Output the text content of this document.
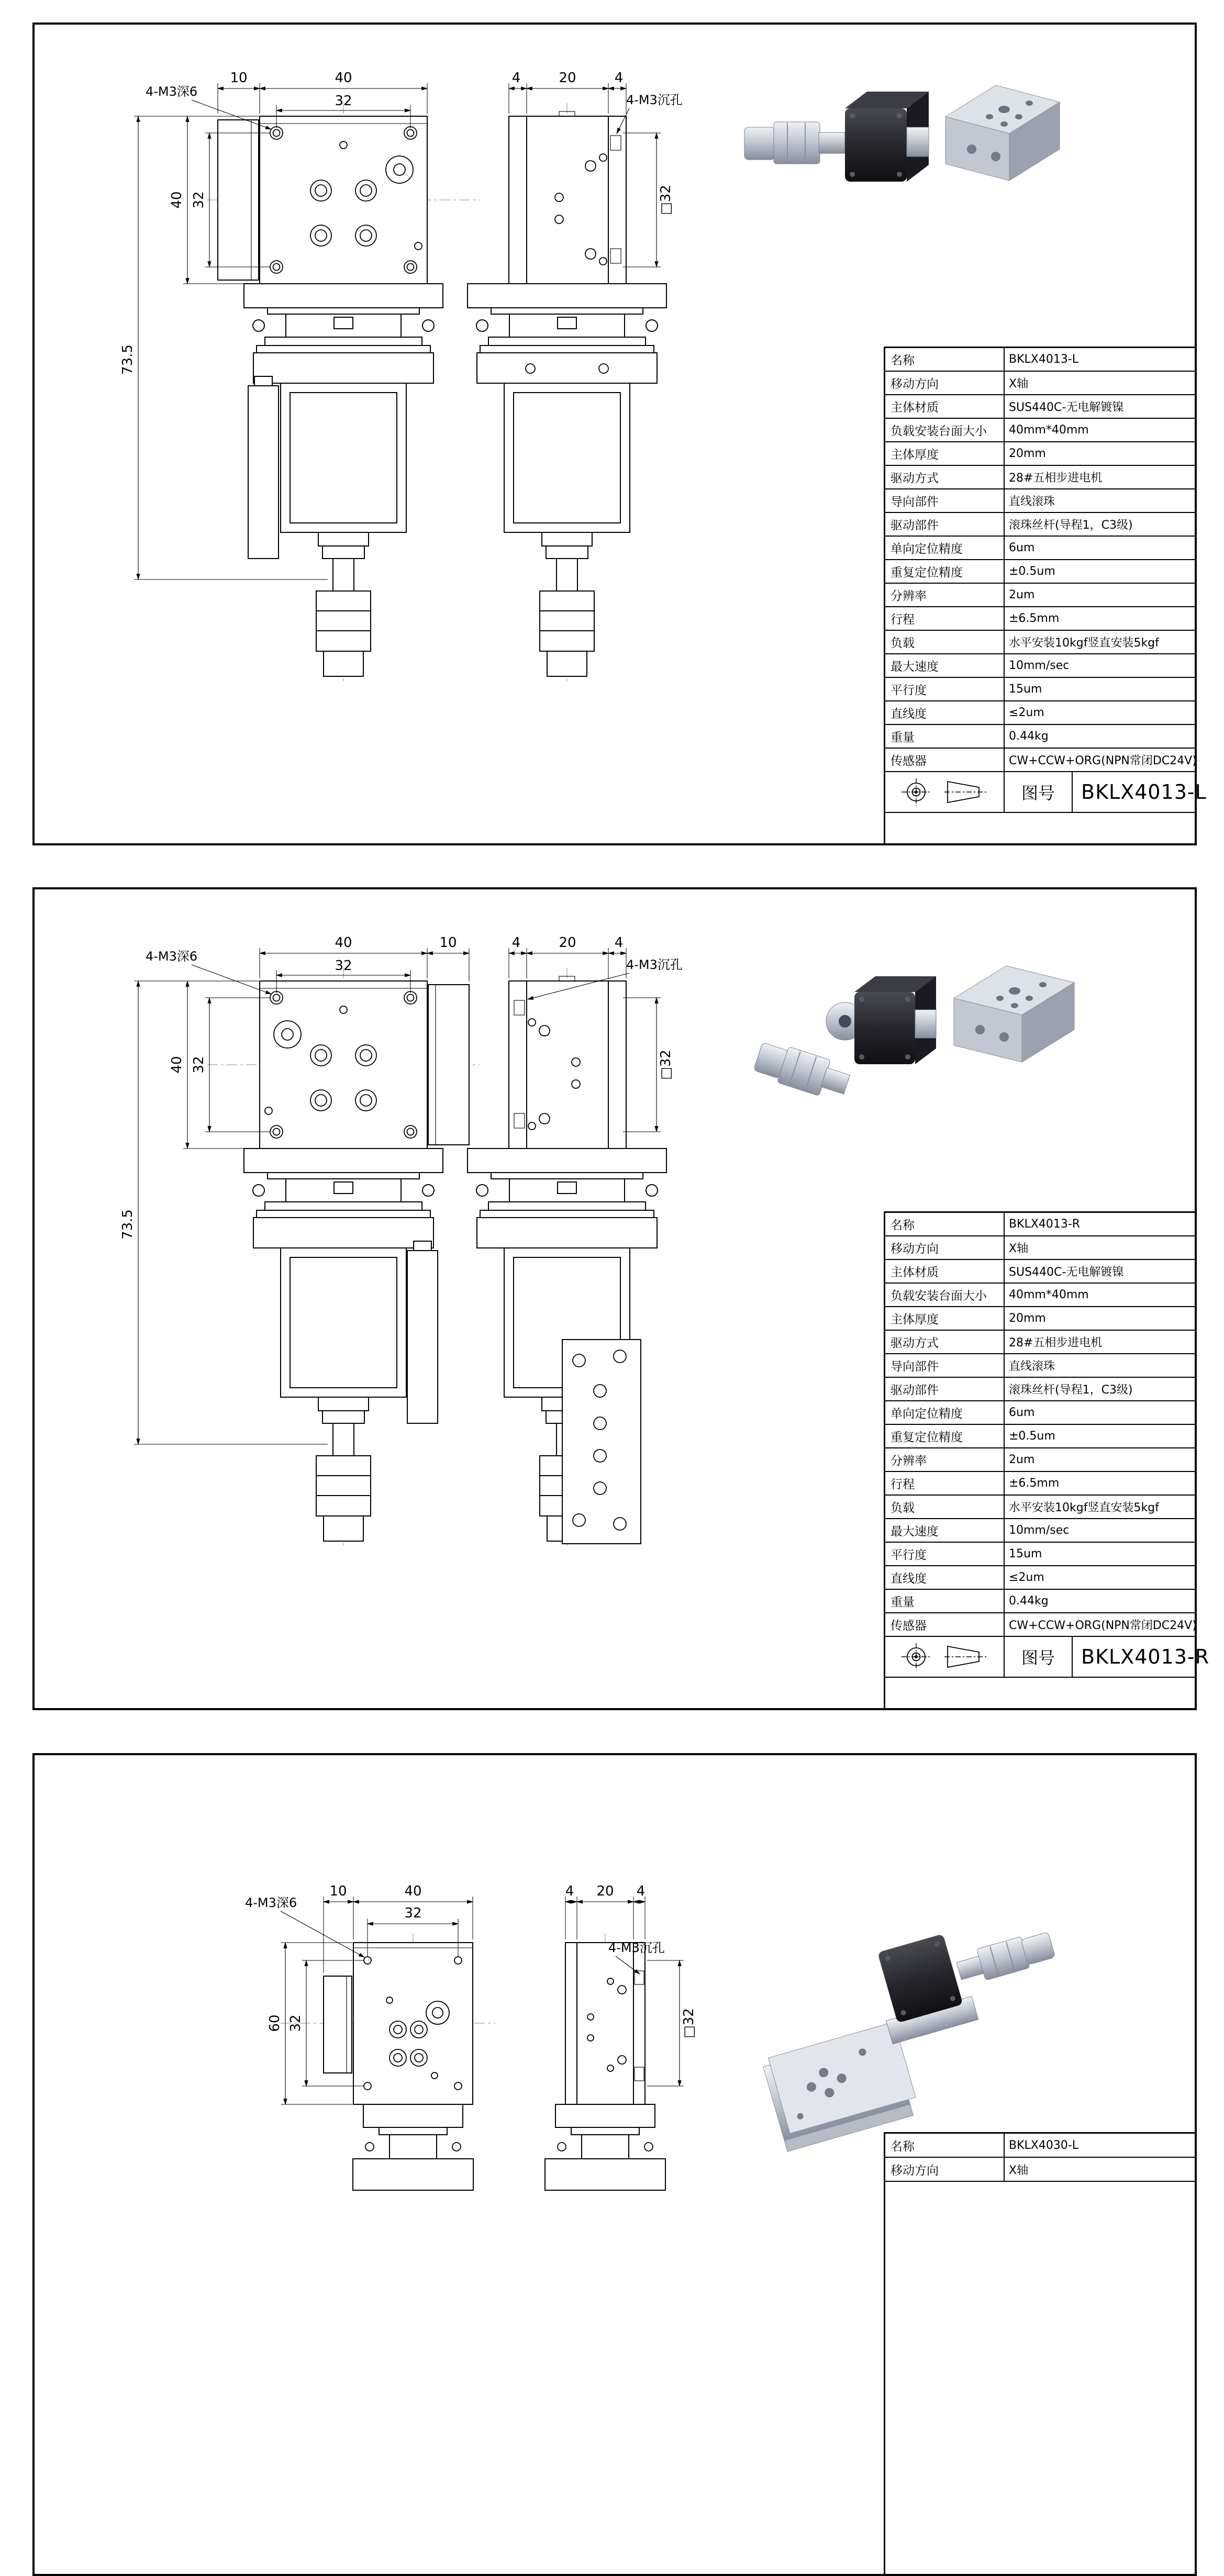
10	40
32
40 32
73.5
4-M3深6
4	20	4
□32
4-M3沉孔
名称	BKLX4013-L
移动方向	X轴
主体材质	SUS440C-无电解镀镍
负载安装台面大小	40mm*40mm
主体厚度	20mm
驱动方式	28#五相步进电机
导向部件	直线滚珠
驱动部件	滚珠丝杆(导程1，C3级)
单向定位精度	6um
重复定位精度	±0.5um
分辨率	2um
行程	±6.5mm
负载	水平安装10kgf竖直安装5kgf
最大速度	10mm/sec
平行度	15um
直线度	≤2um
重量	0.44kg
传感器	CW+CCW+ORG(NPN常闭DC24V)
图号	BKLX4013-L
40	10
32
40 32
73.5
4-M3深6
4	20	4
□32
4-M3沉孔
名称	BKLX4013-R
移动方向	X轴
主体材质	SUS440C-无电解镀镍
负载安装台面大小	40mm*40mm
主体厚度	20mm
驱动方式	28#五相步进电机
导向部件	直线滚珠
驱动部件	滚珠丝杆(导程1，C3级)
单向定位精度	6um
重复定位精度	±0.5um
分辨率	2um
行程	±6.5mm
负载	水平安装10kgf竖直安装5kgf
最大速度	10mm/sec
平行度	15um
直线度	≤2um
重量	0.44kg
传感器	CW+CCW+ORG(NPN常闭DC24V)
图号	BKLX4013-R
10	40
32
60 32
4-M3深6
4 20 4
□32
4-M3沉孔
名称	BKLX4030-L
移动方向	X轴
